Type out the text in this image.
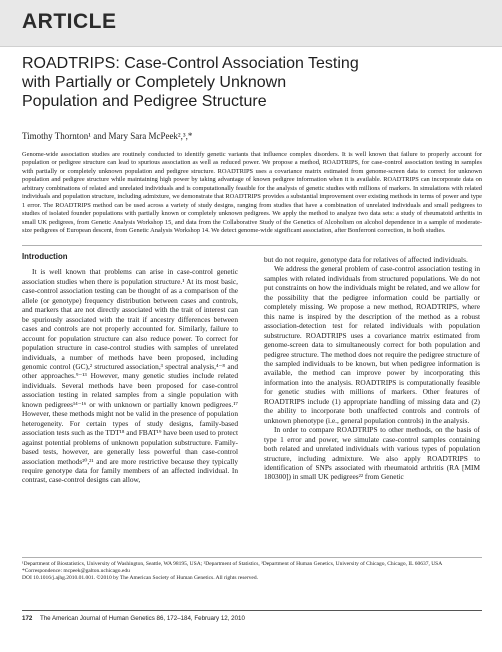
ARTICLE
ROADTRIPS: Case-Control Association Testing
with Partially or Completely Unknown
Population and Pedigree Structure
Timothy Thornton¹ and Mary Sara McPeek²,³,*
Genome-wide association studies are routinely conducted to identify genetic variants that influence complex disorders. It is well known that failure to properly account for population or pedigree structure can lead to spurious association as well as reduced power. We propose a method, ROADTRIPS, for case-control association testing in samples with partially or completely unknown population and pedigree structure. ROADTRIPS uses a covariance matrix estimated from genome-screen data to correct for unknown population and pedigree structure while maintaining high power by taking advantage of known pedigree information when it is available. ROADTRIPS can incorporate data on arbitrary combinations of related and unrelated individuals and is computationally feasible for the analysis of genetic studies with millions of markers. In simulations with related individuals and population structure, including admixture, we demonstrate that ROADTRIPS provides a substantial improvement over existing methods in terms of power and type 1 error. The ROADTRIPS method can be used across a variety of study designs, ranging from studies that have a combination of unrelated individuals and small pedigrees to studies of isolated founder populations with partially known or completely unknown pedigrees. We apply the method to analyze two data sets: a study of rheumatoid arthritis in small UK pedigrees, from Genetic Analysis Workshop 15, and data from the Collaborative Study of the Genetics of Alcoholism on alcohol dependence in a sample of moderate-size pedigrees of European descent, from Genetic Analysis Workshop 14. We detect genome-wide significant association, after Bonferroni correction, in both studies.
Introduction

It is well known that problems can arise in case-control genetic association studies when there is population structure.¹ At its most basic, case-control association testing can be thought of as a comparison of the allele (or genotype) frequency distribution between cases and controls, and markers that are not directly associated with the trait of interest can be spuriously associated with the trait if ancestry differences between cases and controls are not properly accounted for. Similarly, failure to account for population structure can also reduce power. To correct for population structure in case-control studies with samples of unrelated individuals, a number of methods have been proposed, including genomic control (GC),² structured association,³ spectral analysis,⁴⁻⁸ and other approaches.⁹⁻¹³ However, many genetic studies include related individuals. Several methods have been proposed for case-control association testing in related samples from a single population with known pedigrees¹⁴⁻¹⁶ or with unknown or partially known pedigrees.¹⁷ However, these methods might not be valid in the presence of population heterogeneity. For certain types of study designs, family-based association tests such as the TDT¹⁸ and FBAT¹⁹ have been used to protect against potential problems of unknown population substructure. Family-based tests, however, are generally less powerful than case-control association methods²⁰,²¹ and are more restrictive because they typically require genotype data for family members of an affected individual. In contrast, case-control designs can allow,

but do not require, genotype data for relatives of affected individuals.

We address the general problem of case-control association testing in samples with related individuals from structured populations. We do not put constraints on how the individuals might be related, and we allow for the possibility that the pedigree information could be partially or completely missing. We propose a new method, ROADTRIPS, where this name is inspired by the description of the method as a robust association-detection test for related individuals with population substructure. ROADTRIPS uses a covariance matrix estimated from genome-screen data to simultaneously correct for both population and pedigree structure. The method does not require the pedigree structure of the sampled individuals to be known, but when pedigree information is available, the method can improve power by incorporating this information into the analysis. ROADTRIPS is computationally feasible for genetic studies with millions of markers. Other features of ROADTRIPS include (1) appropriate handling of missing data and (2) the ability to incorporate both unaffected controls and controls of unknown phenotype (i.e., general population controls) in the analysis.

In order to compare ROADTRIPS to other methods, on the basis of type 1 error and power, we simulate case-control samples containing both related and unrelated individuals with various types of population structure, including admixture. We also apply ROADTRIPS to identification of SNPs associated with rheumatoid arthritis (RA [MIM 180300]) in small UK pedigrees²² from Genetic

¹Department of Biostatistics, University of Washington, Seattle, WA 98195, USA; ²Department of Statistics, ³Department of Human Genetics, University of Chicago, Chicago, IL 60637, USA
*Correspondence: mcpeek@galton.uchicago.edu
DOI 10.1016/j.ajhg.2010.01.001. ©2010 by The American Society of Human Genetics. All rights reserved.
172 The American Journal of Human Genetics 86, 172–184, February 12, 2010
